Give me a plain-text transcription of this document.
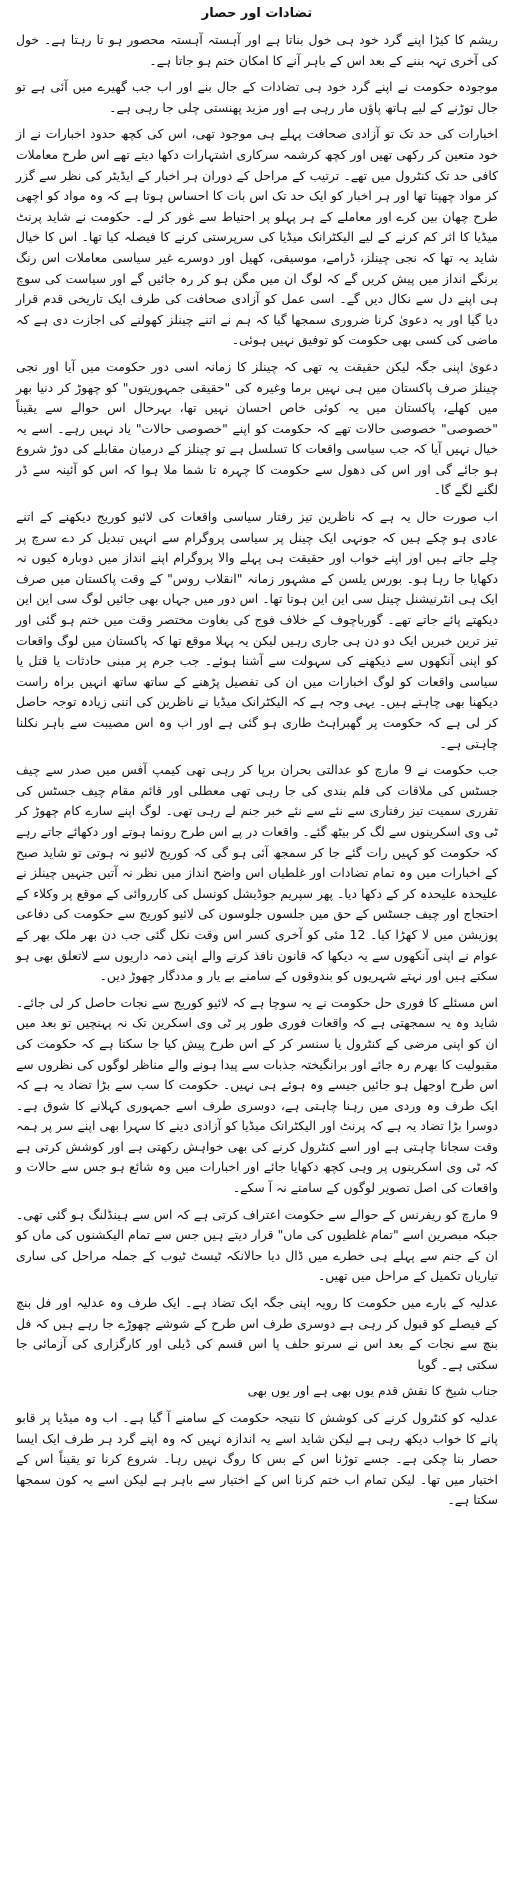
تضادات اور حصار

ریشم کا کیڑا اپنے گرد خود ہی خول بناتا ہے اور آہستہ آہستہ محصور ہو تا رہتا ہے۔ خول کی آخری تہہ بننے کے بعد اس کے باہر آنے کا امکان ختم ہو جاتا ہے۔

موجودہ حکومت نے اپنے گرد خود ہی تضادات کے جال بنے اور اب جب گھیرے میں آئی ہے تو جال توڑنے کے لیے ہاتھ پاؤں مار رہی ہے اور مزید پھنستی چلی جا رہی ہے۔

اخبارات کی حد تک تو آزادی صحافت پہلے ہی موجود تھی، اس کی کچھ حدود اخبارات نے از خود متعین کر رکھی تھیں اور کچھ کرشمہ سرکاری اشتہارات دکھا دیتے تھے اس طرح معاملات کافی حد تک کنٹرول میں تھے۔ ترتیب کے مراحل کے دوران ہر اخبار کے ایڈیٹر کی نظر سے گزر کر مواد چھپتا تھا اور ہر اخبار کو ایک حد تک اس بات کا احساس ہوتا ہے کہ وہ مواد کو اچھی طرح چھان بین کرے اور معاملے کے ہر پہلو پر احتیاط سے غور کر لے۔ حکومت نے شاید پرنٹ میڈیا کا اثر کم کرنے کے لیے الیکٹرانک میڈیا کی سرپرستی کرنے کا فیصلہ کیا تھا۔ اس کا خیال شاید یہ تھا کہ نجی چینلز، ڈرامے، موسیقی، کھیل اور دوسرے غیر سیاسی معاملات اس رنگ برنگے انداز میں پیش کریں گے کہ لوگ ان میں مگن ہو کر رہ جائیں گے اور سیاست کی سوچ ہی اپنے دل سے نکال دیں گے۔ اسی عمل کو آزادی صحافت کی طرف ایک تاریخی قدم قرار دیا گیا اور یہ دعویٰ کرنا ضروری سمجھا گیا کہ ہم نے اتنے چینلز کھولنے کی اجازت دی ہے کہ ماضی کی کسی بھی حکومت کو توفیق نہیں ہوئی۔

دعویٰ اپنی جگہ لیکن حقیقت یہ تھی کہ چینلز کا زمانہ اسی دور حکومت میں آیا اور نجی چینلز صرف پاکستان میں ہی نہیں برما وغیرہ کی "حقیقی جمہوریتوں" کو چھوڑ کر دنیا بھر میں کھلے، پاکستان میں یہ کوئی خاص احسان نہیں تھا، بہرحال اس حوالے سے یقیناً "خصوصی" خصوصی حالات تھے کہ حکومت کو اپنے "خصوصی حالات" یاد نہیں رہے۔ اسے یہ خیال نہیں آیا کہ جب سیاسی واقعات کا تسلسل ہے تو چینلز کے درمیان مقابلے کی دوڑ شروع ہو جائے گی اور اس کی دھول سے حکومت کا چہرہ تا شما ملا ہوا کہ اس کو آئینہ سے ڈر لگنے لگے گا۔

اب صورت حال یہ ہے کہ ناظرین تیز رفتار سیاسی واقعات کی لائیو کوریج دیکھنے کے اتنے عادی ہو چکے ہیں کہ جونہی ایک چینل پر سیاسی پروگرام سے انہیں تبدیل کر دے سرچ پر چلے جاتے ہیں اور اپنے خواب اور حقیقت ہی پہلے والا پروگرام اپنے انداز میں دوبارہ کیوں نہ دکھایا جا رہا ہو۔ بورس یلسن کے مشہور زمانہ "انقلاب روس" کے وقت پاکستان میں صرف ایک ہی انٹرنیشنل چینل سی این این ہوتا تھا۔ اس دور میں جہاں بھی جائیں لوگ سی این این دیکھتے پائے جاتے تھے۔ گورباچوف کے خلاف فوج کی بغاوت مختصر وقت میں ختم ہو گئی اور تیز ترین خبریں ایک دو دن ہی جاری رہیں لیکن یہ پہلا موقع تھا کہ پاکستان میں لوگ واقعات کو اپنی آنکھوں سے دیکھنے کی سہولت سے آشنا ہوئے۔ جب جرم پر مبنی حادثات یا قتل یا سیاسی واقعات کو لوگ اخبارات میں ان کی تفصیل پڑھنے کے ساتھ ساتھ انہیں براہ راست دیکھنا بھی چاہتے ہیں۔ یہی وجہ ہے کہ الیکٹرانک میڈیا نے ناظرین کی اتنی زیادہ توجہ حاصل کر لی ہے کہ حکومت پر گھبراہٹ طاری ہو گئی ہے اور اب وہ اس مصیبت سے باہر نکلنا چاہتی ہے۔

جب حکومت نے 9 مارچ کو عدالتی بحران برپا کر رہی تھی کیمپ آفس میں صدر سے چیف جسٹس کی ملاقات کی فلم بندی کی جا رہی تھی معطلی اور قائم مقام چیف جسٹس کی تقرری سمیت تیز رفتاری سے نئے سے نئے خبر جنم لے رہی تھی۔ لوگ اپنے سارے کام چھوڑ کر ٹی وی اسکرینوں سے لگ کر بیٹھ گئے۔ واقعات در پے اس طرح رونما ہوتے اور دکھائے جاتے رہے کہ حکومت کو کہیں رات گئے جا کر سمجھ آئی ہو گی کہ کوریج لائیو نہ ہوتی تو شاید صبح کے اخبارات میں وہ تمام تضادات اور غلطیاں اس واضح انداز میں نظر نہ آتیں جنہیں چینلز نے علیحدہ علیحدہ کر کے دکھا دیا۔ پھر سپریم جوڈیشل کونسل کی کارروائی کے موقع پر وکلاء کے احتجاج اور چیف جسٹس کے حق میں جلسوں جلوسوں کی لائیو کوریج سے حکومت کی دفاعی پوزیشن میں لا کھڑا کیا۔ 12 مئی کو آخری کسر اس وقت نکل گئی جب دن بھر ملک بھر کے عوام نے اپنی آنکھوں سے یہ دیکھا کہ قانون نافذ کرنے والے اپنی ذمہ داریوں سے لاتعلق بھی ہو سکتے ہیں اور نہتے شہریوں کو بندوقوں کے سامنے بے یار و مددگار چھوڑ دیں۔

اس مسئلے کا فوری حل حکومت نے یہ سوچا ہے کہ لائیو کوریج سے نجات حاصل کر لی جائے۔ شاید وہ یہ سمجھتی ہے کہ واقعات فوری طور پر ٹی وی اسکرین تک نہ پہنچیں تو بعد میں ان کو اپنی مرضی کے کنٹرول یا سنسر کر کے اس طرح پیش کیا جا سکتا ہے کہ حکومت کی مقبولیت کا بھرم رہ جائے اور برانگیختہ جذبات سے پیدا ہونے والے مناظر لوگوں کی نظروں سے اس طرح اوجھل ہو جائیں جیسے وہ ہوئے ہی نہیں۔ حکومت کا سب سے بڑا تضاد یہ ہے کہ ایک طرف وہ وردی میں رہنا چاہتی ہے، دوسری طرف اسے جمہوری کہلانے کا شوق ہے۔ دوسرا بڑا تضاد یہ ہے کہ پرنٹ اور الیکٹرانک میڈیا کو آزادی دینے کا سہرا بھی اپنے سر پر ہمہ وقت سجانا چاہتی ہے اور اسے کنٹرول کرنے کی بھی خواہش رکھتی ہے اور کوشش کرتی ہے کہ ٹی وی اسکرینوں پر وہی کچھ دکھایا جائے اور اخبارات میں وہ شائع ہو جس سے حالات و واقعات کی اصل تصویر لوگوں کے سامنے نہ آ سکے۔

9 مارچ کو ریفرنس کے حوالے سے حکومت اعتراف کرتی ہے کہ اس سے ہینڈلنگ ہو گئی تھی۔ جبکہ مبصرین اسے "تمام غلطیوں کی ماں" قرار دیتے ہیں جس سے تمام الیکشنوں کی ماں کو ان کے جنم سے پہلے ہی خطرے میں ڈال دیا حالانکہ ٹیسٹ ٹیوب کے جملہ مراحل کی ساری تیاریاں تکمیل کے مراحل میں تھیں۔

عدلیہ کے بارے میں حکومت کا رویہ اپنی جگہ ایک تضاد ہے۔ ایک طرف وہ عدلیہ اور فل بنچ کے فیصلے کو قبول کر رہی ہے دوسری طرف اس طرح کے شوشے چھوڑے جا رہے ہیں کہ فل بنچ سے نجات کے بعد اس نے سرنو حلف پا اس قسم کی ڈیلی اور کارگزاری کی آزمائی جا سکتی ہے۔ گویا

جناب شیخ کا نقش قدم یوں بھی ہے اور یوں بھی

عدلیہ کو کنٹرول کرنے کی کوشش کا نتیجہ حکومت کے سامنے آ گیا ہے۔ اب وہ میڈیا پر قابو پانے کا خواب دیکھ رہی ہے لیکن شاید اسے یہ اندازہ نہیں کہ وہ اپنے گرد ہر طرف ایک ایسا حصار بنا چکی ہے۔ جسے توڑنا اس کے بس کا روگ نہیں رہا۔ شروع کرنا تو یقیناً اس کے اختیار میں تھا۔ لیکن تمام اب ختم کرنا اس کے اختیار سے باہر ہے لیکن اسے یہ کون سمجھا سکتا ہے۔
